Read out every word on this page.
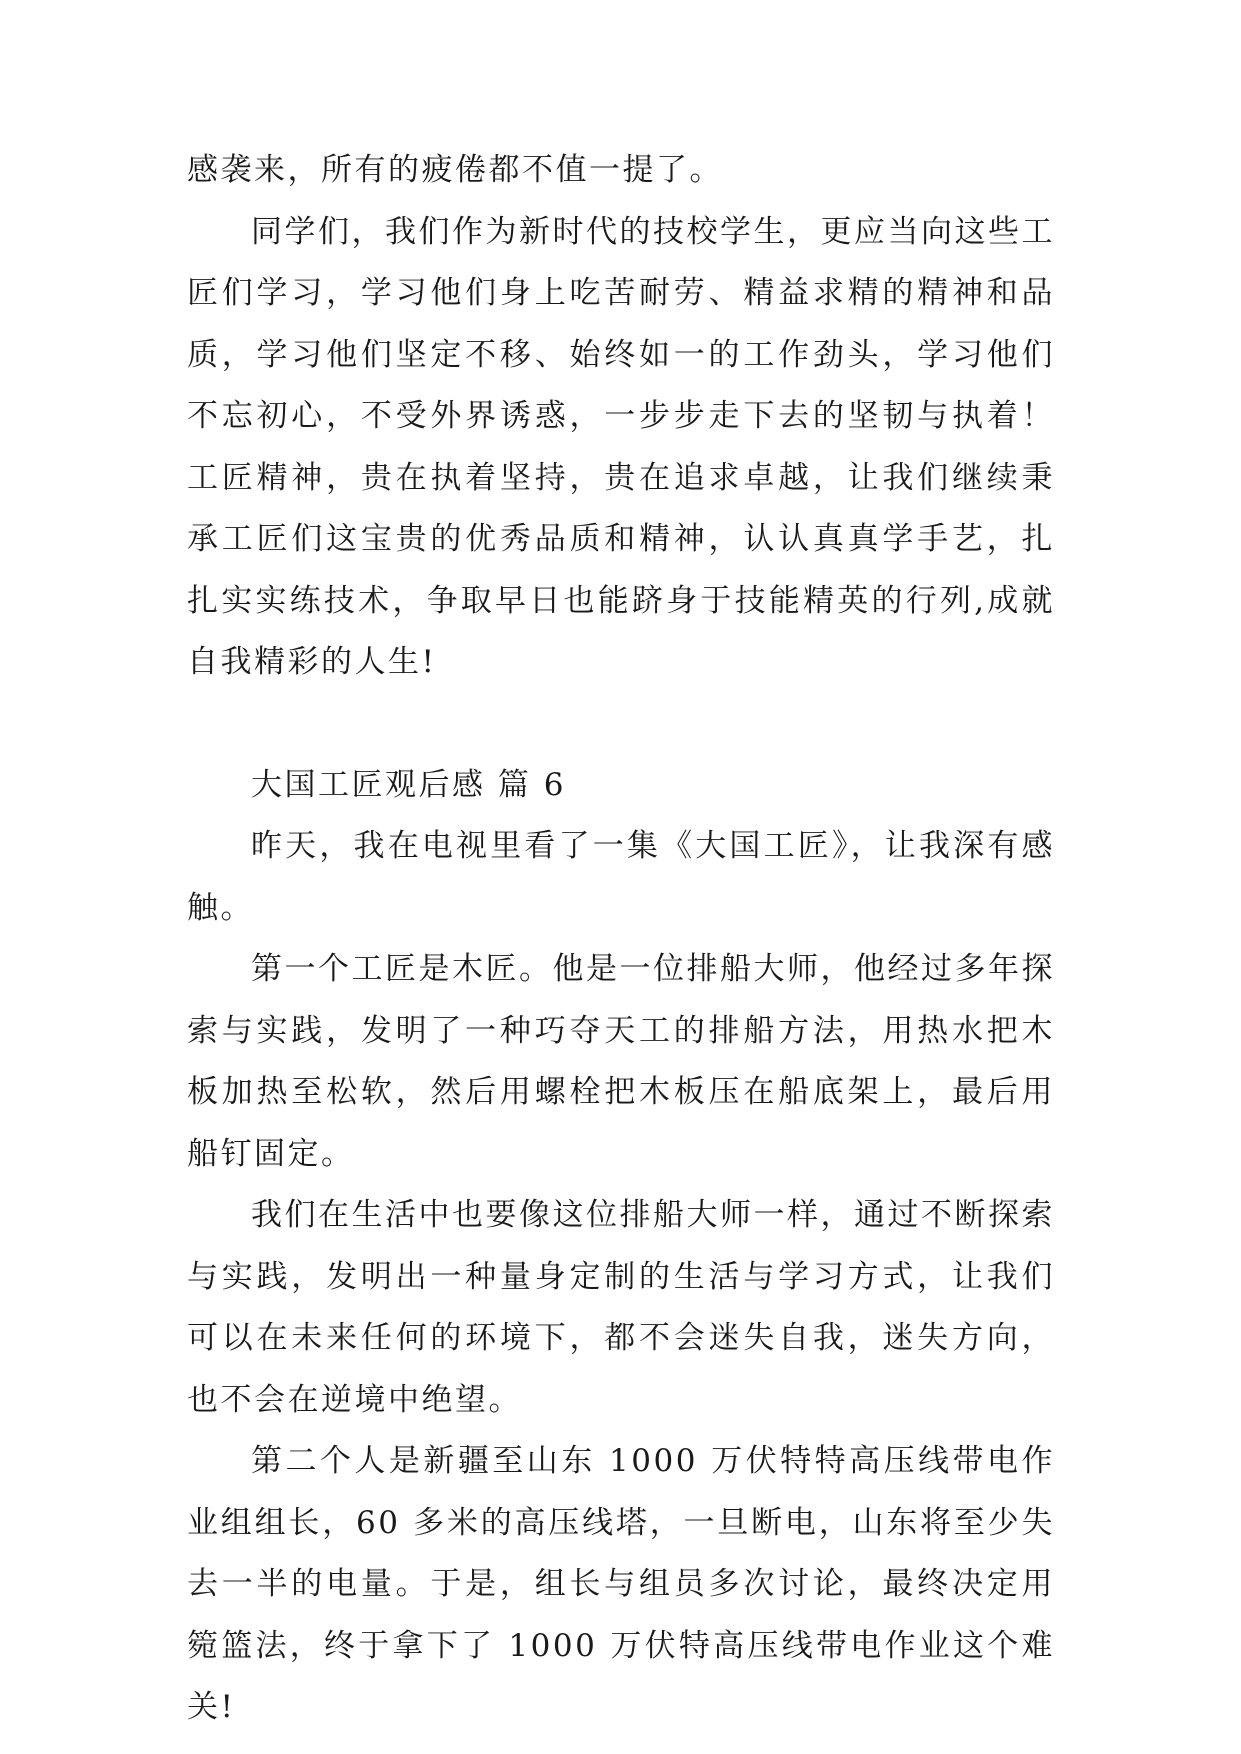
感袭来，所有的疲倦都不值一提了。

同学们，我们作为新时代的技校学生，更应当向这些工匠们学习，学习他们身上吃苦耐劳、精益求精的精神和品质，学习他们坚定不移、始终如一的工作劲头，学习他们不忘初心，不受外界诱惑，一步步走下去的坚韧与执着！工匠精神，贵在执着坚持，贵在追求卓越，让我们继续秉承工匠们这宝贵的优秀品质和精神，认认真真学手艺，扎扎实实练技术，争取早日也能跻身于技能精英的行列,成就自我精彩的人生!

大国工匠观后感 篇 6

昨天，我在电视里看了一集《大国工匠》，让我深有感触。

第一个工匠是木匠。他是一位排船大师，他经过多年探索与实践，发明了一种巧夺天工的排船方法，用热水把木板加热至松软，然后用螺栓把木板压在船底架上，最后用船钉固定。

我们在生活中也要像这位排船大师一样，通过不断探索与实践，发明出一种量身定制的生活与学习方式，让我们可以在未来任何的环境下，都不会迷失自我，迷失方向，也不会在逆境中绝望。

第二个人是新疆至山东 1000 万伏特特高压线带电作业组组长，60 多米的高压线塔，一旦断电，山东将至少失去一半的电量。于是，组长与组员多次讨论，最终决定用箢篮法，终于拿下了 1000 万伏特高压线带电作业这个难关!
